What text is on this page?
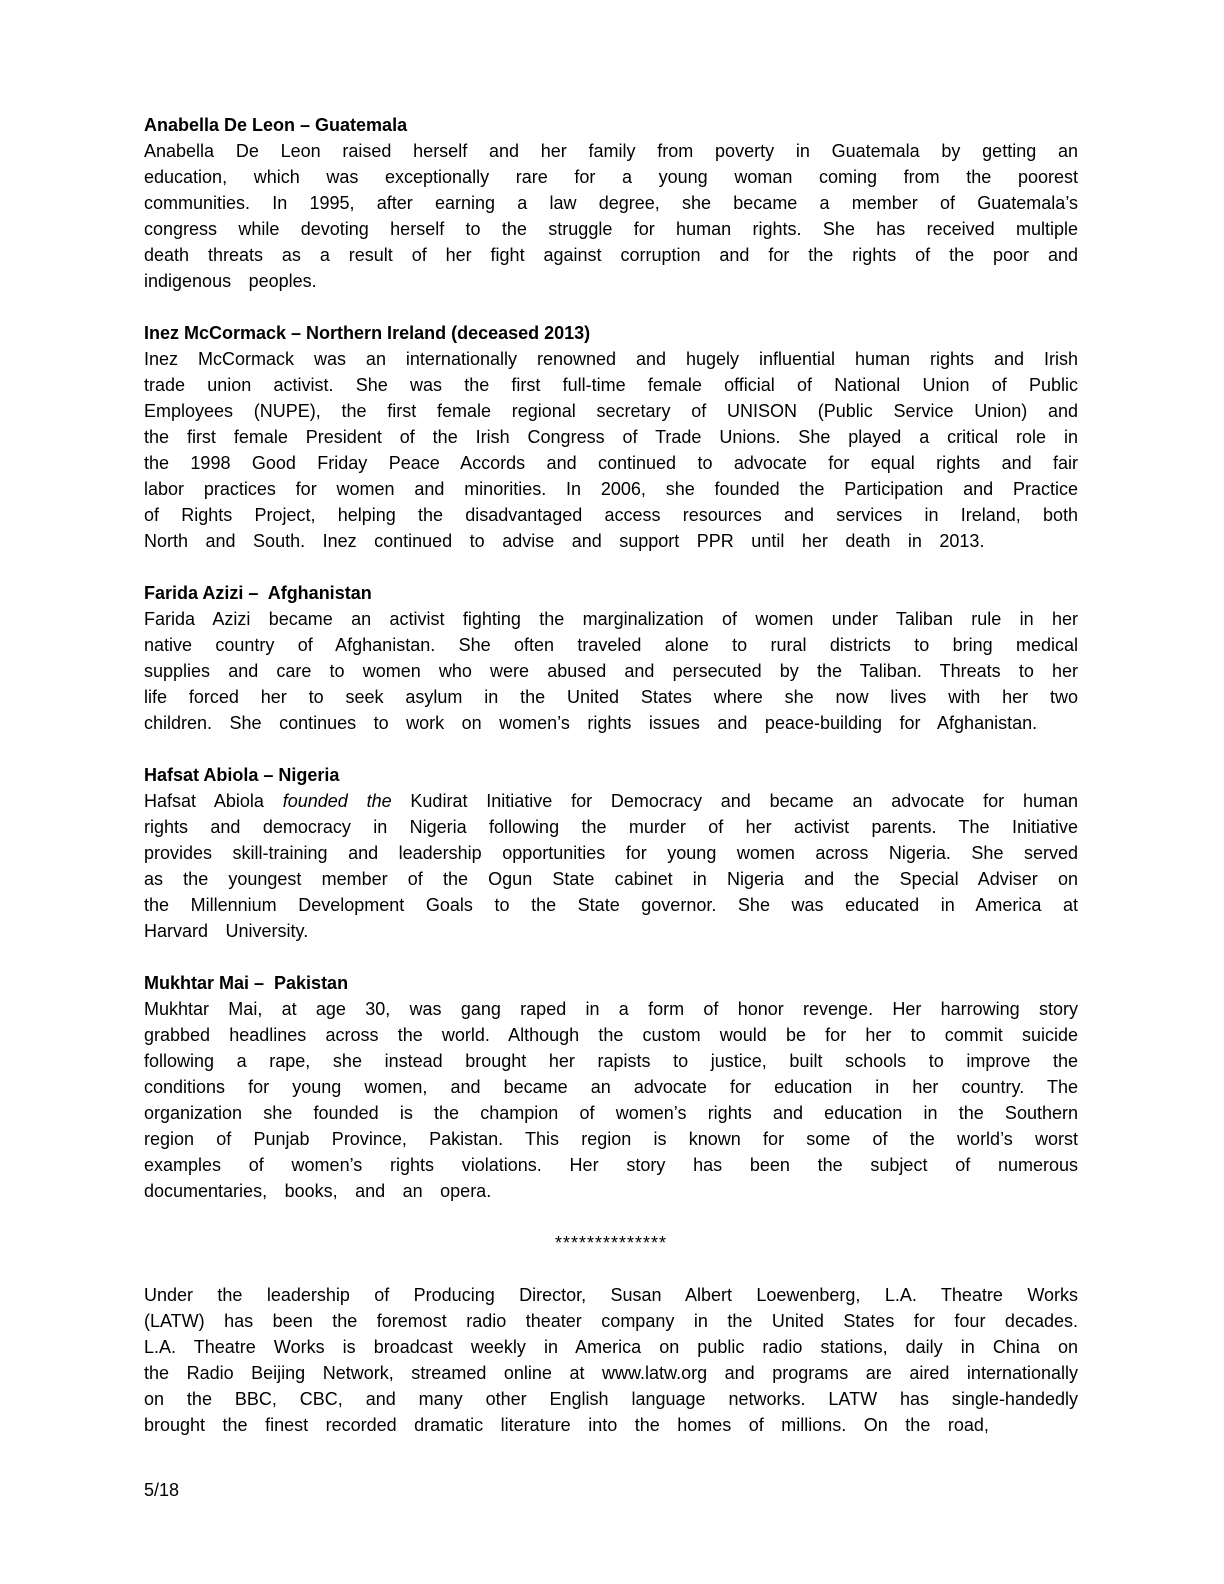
Anabella De Leon – Guatemala

Anabella De Leon raised herself and her family from poverty in Guatemala by getting an education, which was exceptionally rare for a young woman coming from the poorest communities. In 1995, after earning a law degree, she became a member of Guatemala’s congress while devoting herself to the struggle for human rights. She has received multiple death threats as a result of her fight against corruption and for the rights of the poor and indigenous peoples.

Inez McCormack – Northern Ireland (deceased 2013)

Inez McCormack was an internationally renowned and hugely influential human rights and Irish trade union activist. She was the first full-time female official of National Union of Public Employees (NUPE), the first female regional secretary of UNISON (Public Service Union) and the first female President of the Irish Congress of Trade Unions. She played a critical role in the 1998 Good Friday Peace Accords and continued to advocate for equal rights and fair labor practices for women and minorities. In 2006, she founded the Participation and Practice of Rights Project, helping the disadvantaged access resources and services in Ireland, both North and South. Inez continued to advise and support PPR until her death in 2013.

Farida Azizi –  Afghanistan

Farida Azizi became an activist fighting the marginalization of women under Taliban rule in her native country of Afghanistan. She often traveled alone to rural districts to bring medical supplies and care to women who were abused and persecuted by the Taliban. Threats to her life forced her to seek asylum in the United States where she now lives with her two children. She continues to work on women’s rights issues and peace-building for Afghanistan.

Hafsat Abiola – Nigeria

Hafsat Abiola founded the Kudirat Initiative for Democracy and became an advocate for human rights and democracy in Nigeria following the murder of her activist parents. The Initiative provides skill-training and leadership opportunities for young women across Nigeria. She served as the youngest member of the Ogun State cabinet in Nigeria and the Special Adviser on the Millennium Development Goals to the State governor. She was educated in America at Harvard University.

Mukhtar Mai –  Pakistan

Mukhtar Mai, at age 30, was gang raped in a form of honor revenge. Her harrowing story grabbed headlines across the world. Although the custom would be for her to commit suicide following a rape, she instead brought her rapists to justice, built schools to improve the conditions for young women, and became an advocate for education in her country. The organization she founded is the champion of women’s rights and education in the Southern region of Punjab Province, Pakistan. This region is known for some of the world’s worst examples of women’s rights violations. Her story has been the subject of numerous documentaries, books, and an opera.

**************

Under the leadership of Producing Director, Susan Albert Loewenberg, L.A. Theatre Works (LATW) has been the foremost radio theater company in the United States for four decades. L.A. Theatre Works is broadcast weekly in America on public radio stations, daily in China on the Radio Beijing Network, streamed online at www.latw.org and programs are aired internationally on the BBC, CBC, and many other English language networks. LATW has single-handedly brought the finest recorded dramatic literature into the homes of millions. On the road,

5/18
